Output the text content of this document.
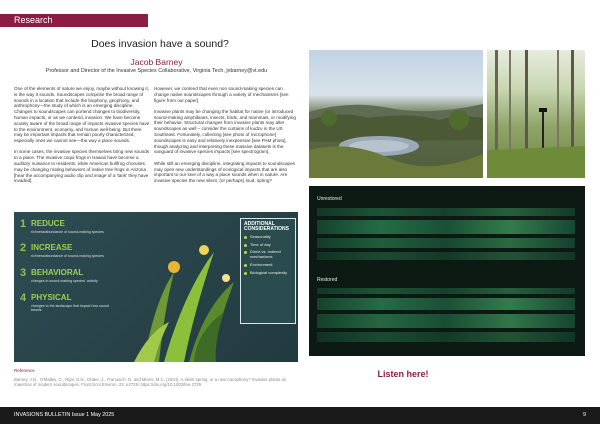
Research
Does invasion have a sound?
Jacob Barney
Professor and Director of the Invasive Species Collaborative, Virginia Tech, jnbarney@vt.edu

One of the elements of nature we enjoy, maybe without knowing it, is the way it sounds. Soundscapes comprise the broad range of sounds in a location that include the biophony, geophony, and anthrophony—the study of which is an emerging discipline. Changes to soundscapes can portend changes to biodiversity, human impacts, or as we contend, invasion. We have become acutely aware of the broad range of impacts invasive species have to the environment, economy, and human well-being. But there may be important impacts that remain poorly characterized, especially ones we cannot see—the way a place sounds.

In some cases, the invasive species themselves bring new sounds to a place. The invasive coqui frogs in Hawaii have become a auditory nuisance to residents, while American bullfrog choruses may be changing mating behaviors of native tree frogs in Arizona [hear the accompanying audio clip and image of a 'tank' they have invaded].

However, we contend that even non sound-making species can change native soundscapes through a variety of mechanisms [see figure from our paper].

Invasive plants may be changing the habitat for native (or introduced sound-making amphibians, insects, birds, and mammals, or modifying their behavior. Structural changes from invasive plants may alter soundscapes as well – consider the curtains of kudzu in the US Southeast. Fortunately, collecting [see photo of microphone] soundscapes is easy and relatively inexpensive [see PAM photo], though analyzing and interpreting these massive datasets is the vanguard of invasive species impacts [see spectrogram].

While still an emerging discipline, integrating impacts to soundscapes may open new understandings of ecological impacts that are also important to our love of a way a place sounds when in nature. Are invasive species the new silent, (or perhaps) loud, spring?

Unrestored
Restored
Listen here!
1 REDUCE
richness/abundance of sound-making species
2 INCREASE
richness/abundance of sound-making species
3 BEHAVIORAL
changes in sound-making species' activity
4 PHYSICAL
changes to the landscape that impact how sound travels
ADDITIONAL CONSIDERATIONS
Seasonality
Time of day
Direct vs. indirect mechanisms
Environment
Biological complexity
Reference
Barney, J.N., O'Malley, G., Rijal, G.N., Drake, J., Franusich, D. and Minns, M.C. (2024). A silent spring, or a new cacophony? Invasive plants as maestros of modern soundscapes. Front Ecol Environ, 22: e2729. https://doi.org/10.1002/fee.2729
INVASIONS BULLETIN Issue 1 May 2025	9
